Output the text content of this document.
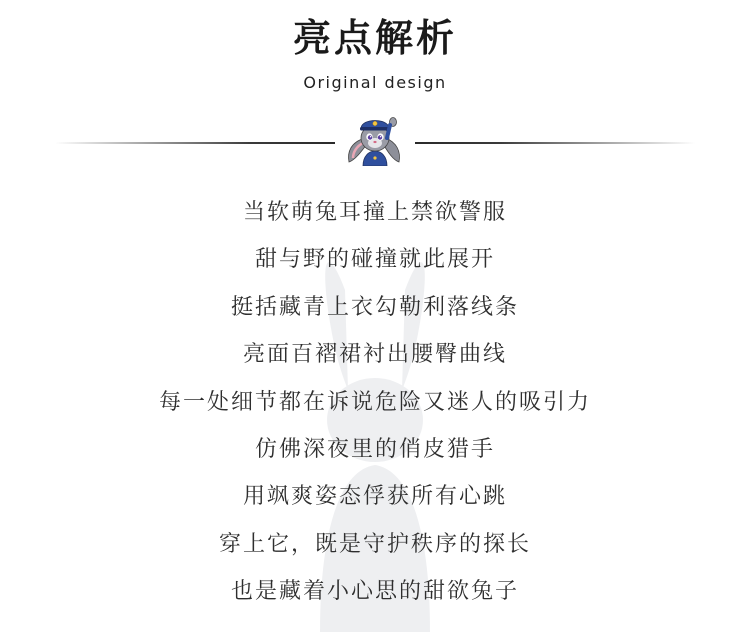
亮点解析
Original design
当软萌兔耳撞上禁欲警服
甜与野的碰撞就此展开
挺括藏青上衣勾勒利落线条
亮面百褶裙衬出腰臀曲线
每一处细节都在诉说危险又迷人的吸引力
仿佛深夜里的俏皮猎手
用飒爽姿态俘获所有心跳
穿上它，既是守护秩序的探长
也是藏着小心思的甜欲兔子
